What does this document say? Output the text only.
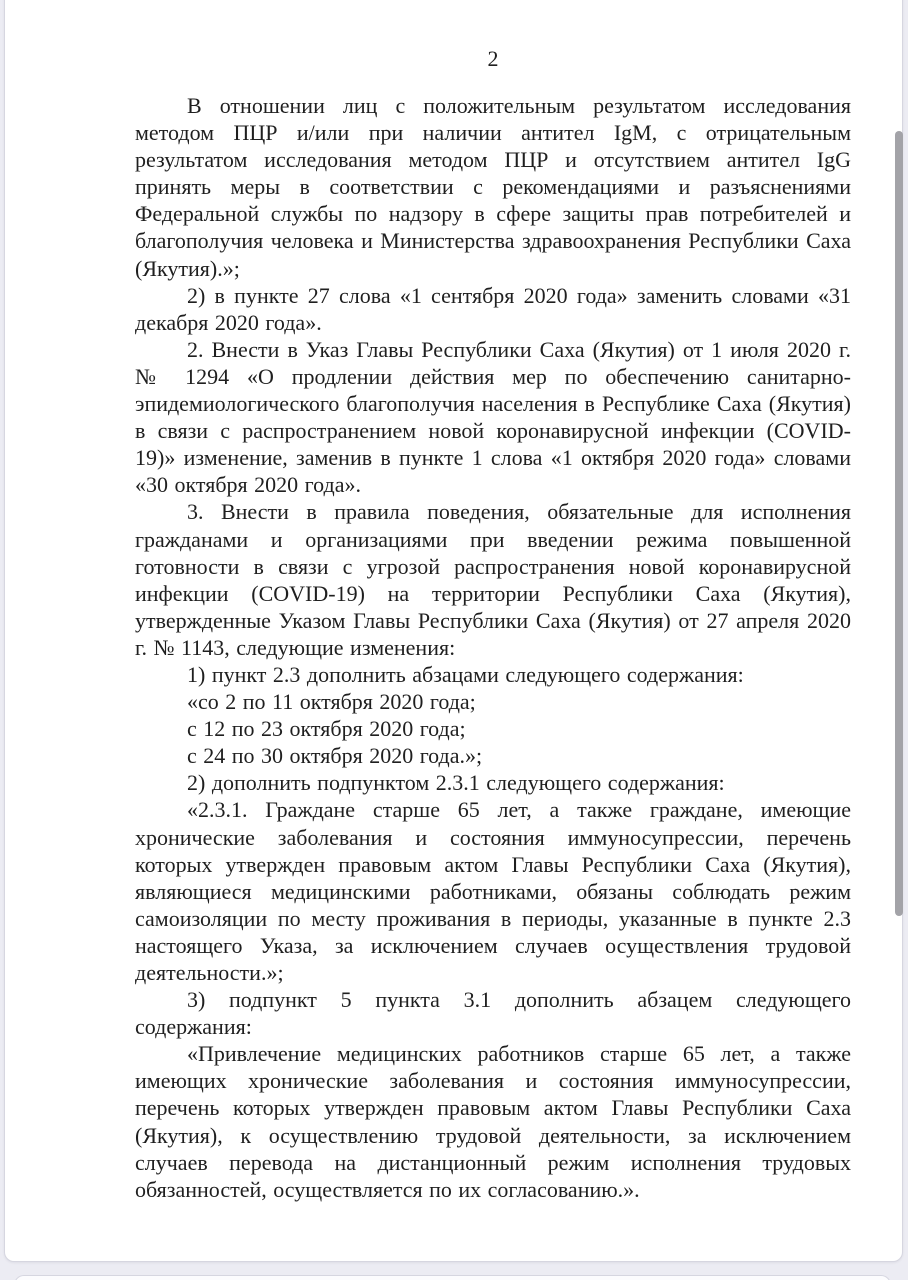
2

В отношении лиц с положительным результатом исследования методом ПЦР и/или при наличии антител IgM, с отрицательным результатом исследования методом ПЦР и отсутствием антител IgG принять меры в соответствии с рекомендациями и разъяснениями Федеральной службы по надзору в сфере защиты прав потребителей и благополучия человека и Министерства здравоохранения Республики Саха (Якутия).»;

2) в пункте 27 слова «1 сентября 2020 года» заменить словами «31 декабря 2020 года».

2. Внести в Указ Главы Республики Саха (Якутия) от 1 июля 2020 г. № 1294 «О продлении действия мер по обеспечению санитарно-эпидемиологического благополучия населения в Республике Саха (Якутия) в связи с распространением новой коронавирусной инфекции (COVID-19)» изменение, заменив в пункте 1 слова «1 октября 2020 года» словами «30 октября 2020 года».

3. Внести в правила поведения, обязательные для исполнения гражданами и организациями при введении режима повышенной готовности в связи с угрозой распространения новой коронавирусной инфекции (COVID-19) на территории Республики Саха (Якутия), утвержденные Указом Главы Республики Саха (Якутия) от 27 апреля 2020 г. № 1143, следующие изменения:

1) пункт 2.3 дополнить абзацами следующего содержания:

«со 2 по 11 октября 2020 года;

с 12 по 23 октября 2020 года;

с 24 по 30 октября 2020 года.»;

2) дополнить подпунктом 2.3.1 следующего содержания:

«2.3.1. Граждане старше 65 лет, а также граждане, имеющие хронические заболевания и состояния иммуносупрессии, перечень которых утвержден правовым актом Главы Республики Саха (Якутия), являющиеся медицинскими работниками, обязаны соблюдать режим самоизоляции по месту проживания в периоды, указанные в пункте 2.3 настоящего Указа, за исключением случаев осуществления трудовой деятельности.»;

3) подпункт 5 пункта 3.1 дополнить абзацем следующего содержания:

«Привлечение медицинских работников старше 65 лет, а также имеющих хронические заболевания и состояния иммуносупрессии, перечень которых утвержден правовым актом Главы Республики Саха (Якутия), к осуществлению трудовой деятельности, за исключением случаев перевода на дистанционный режим исполнения трудовых обязанностей, осуществляется по их согласованию.».
